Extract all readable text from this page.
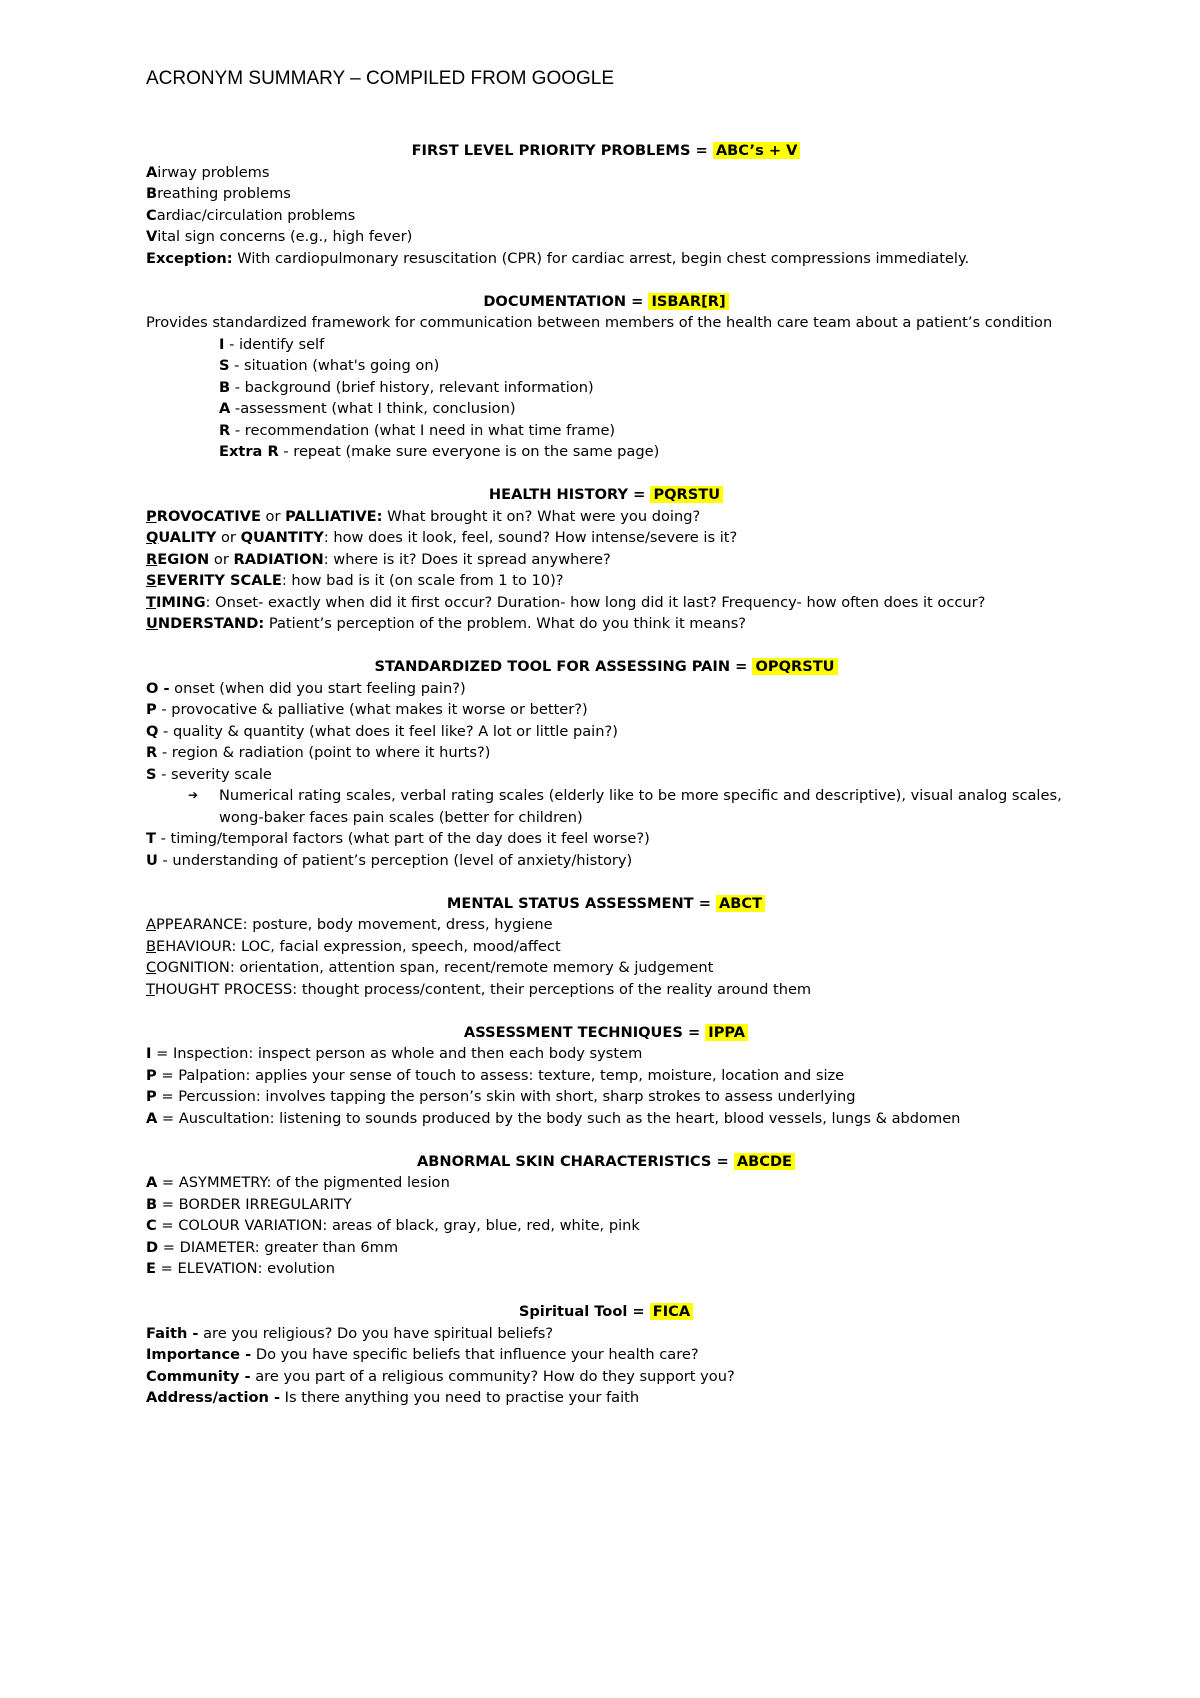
ACRONYM SUMMARY – COMPILED FROM GOOGLE
FIRST LEVEL PRIORITY PROBLEMS = ABC’s + V
Airway problems
Breathing problems
Cardiac/circulation problems
Vital sign concerns (e.g., high fever)
Exception: With cardiopulmonary resuscitation (CPR) for cardiac arrest, begin chest compressions immediately.
DOCUMENTATION = ISBAR[R]
Provides standardized framework for communication between members of the health care team about a patient’s condition
I - identify self
S - situation (what's going on)
B - background (brief history, relevant information)
A -assessment (what I think, conclusion)
R - recommendation (what I need in what time frame)
Extra R - repeat (make sure everyone is on the same page)
HEALTH HISTORY = PQRSTU
PROVOCATIVE or PALLIATIVE: What brought it on? What were you doing?
QUALITY or QUANTITY: how does it look, feel, sound? How intense/severe is it?
REGION or RADIATION: where is it? Does it spread anywhere?
SEVERITY SCALE: how bad is it (on scale from 1 to 10)?
TIMING: Onset- exactly when did it first occur? Duration- how long did it last? Frequency- how often does it occur?
UNDERSTAND: Patient’s perception of the problem. What do you think it means?
STANDARDIZED TOOL FOR ASSESSING PAIN = OPQRSTU
O - onset (when did you start feeling pain?)
P - provocative & palliative (what makes it worse or better?)
Q - quality & quantity (what does it feel like? A lot or little pain?)
R - region & radiation (point to where it hurts?)
S - severity scale
➔	Numerical rating scales, verbal rating scales (elderly like to be more specific and descriptive), visual analog scales, wong-baker faces pain scales (better for children)
T - timing/temporal factors (what part of the day does it feel worse?)
U - understanding of patient’s perception (level of anxiety/history)
MENTAL STATUS ASSESSMENT = ABCT
APPEARANCE: posture, body movement, dress, hygiene
BEHAVIOUR: LOC, facial expression, speech, mood/affect
COGNITION: orientation, attention span, recent/remote memory & judgement
THOUGHT PROCESS: thought process/content, their perceptions of the reality around them
ASSESSMENT TECHNIQUES = IPPA
I = Inspection: inspect person as whole and then each body system
P = Palpation: applies your sense of touch to assess: texture, temp, moisture, location and size
P = Percussion: involves tapping the person’s skin with short, sharp strokes to assess underlying
A = Auscultation: listening to sounds produced by the body such as the heart, blood vessels, lungs & abdomen
ABNORMAL SKIN CHARACTERISTICS = ABCDE
A = ASYMMETRY: of the pigmented lesion
B = BORDER IRREGULARITY
C = COLOUR VARIATION: areas of black, gray, blue, red, white, pink
D = DIAMETER: greater than 6mm
E = ELEVATION: evolution
Spiritual Tool = FICA
Faith - are you religious? Do you have spiritual beliefs?
Importance - Do you have specific beliefs that influence your health care?
Community - are you part of a religious community? How do they support you?
Address/action - Is there anything you need to practise your faith
